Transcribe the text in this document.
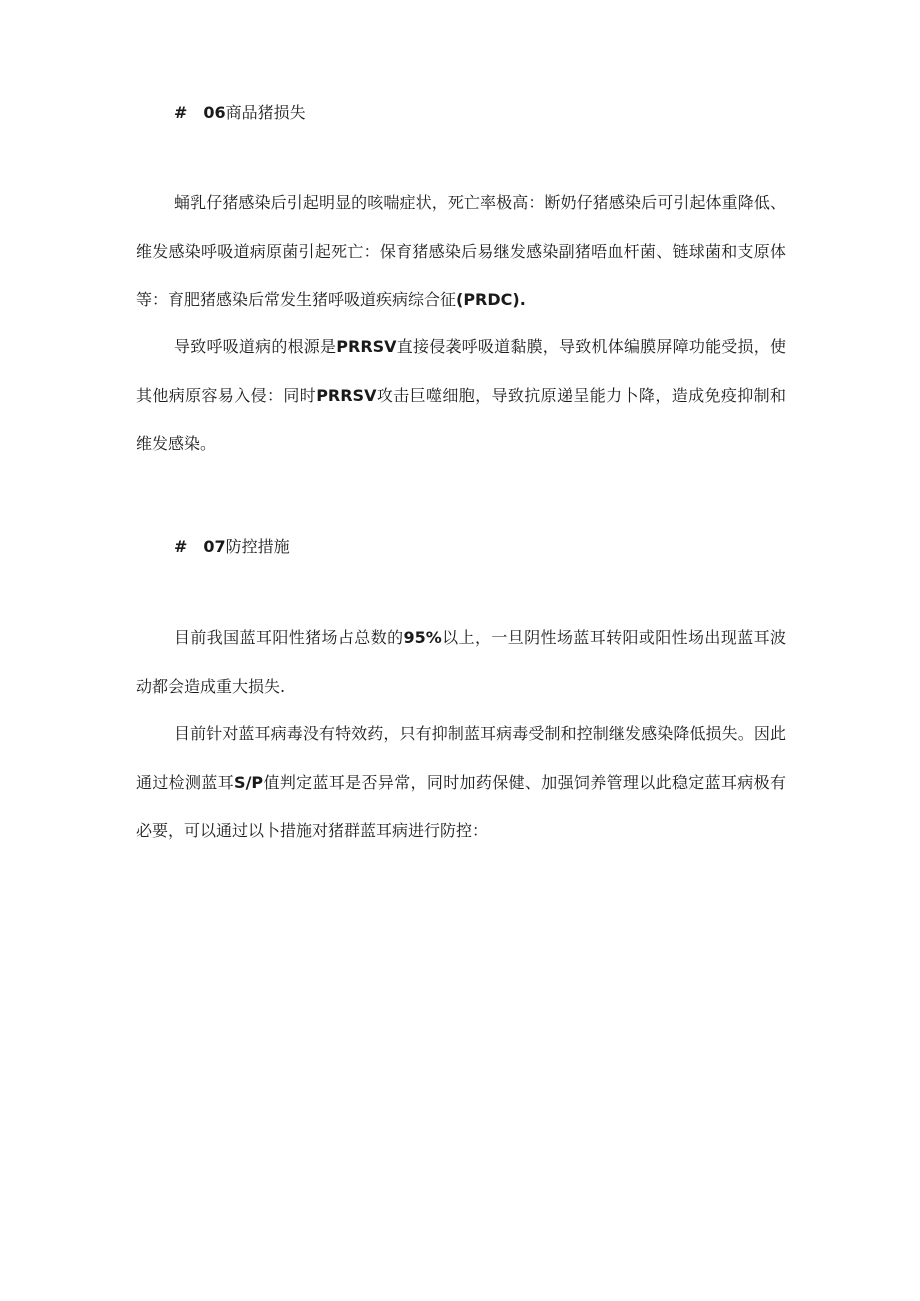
# 06商品猪损失

蛹乳仔猪感染后引起明显的咳喘症状，死亡率极高：断奶仔猪感染后可引起体重降低、维发感染呼吸道病原菌引起死亡：保育猪感染后易继发感染副猪唔血杆菌、链球菌和支原体等：育肥猪感染后常发生猪呼吸道疾病综合征(PRDC).

导致呼吸道病的根源是PRRSV直接侵袭呼吸道黏膜，导致机体编膜屏障功能受损，使其他病原容易入侵：同时PRRSV攻击巨噬细胞，导致抗原递呈能力卜降，造成免疫抑制和维发感染。

# 07防控措施

目前我国蓝耳阳性猪场占总数的95%以上，一旦阴性场蓝耳转阳或阳性场出现蓝耳波动都会造成重大损失.

目前针对蓝耳病毒没有特效药，只有抑制蓝耳病毒受制和控制继发感染降低损失。因此通过检测蓝耳S/P值判定蓝耳是否异常，同时加药保健、加强饲养管理以此稳定蓝耳病极有必要，可以通过以卜措施对猪群蓝耳病进行防控：
